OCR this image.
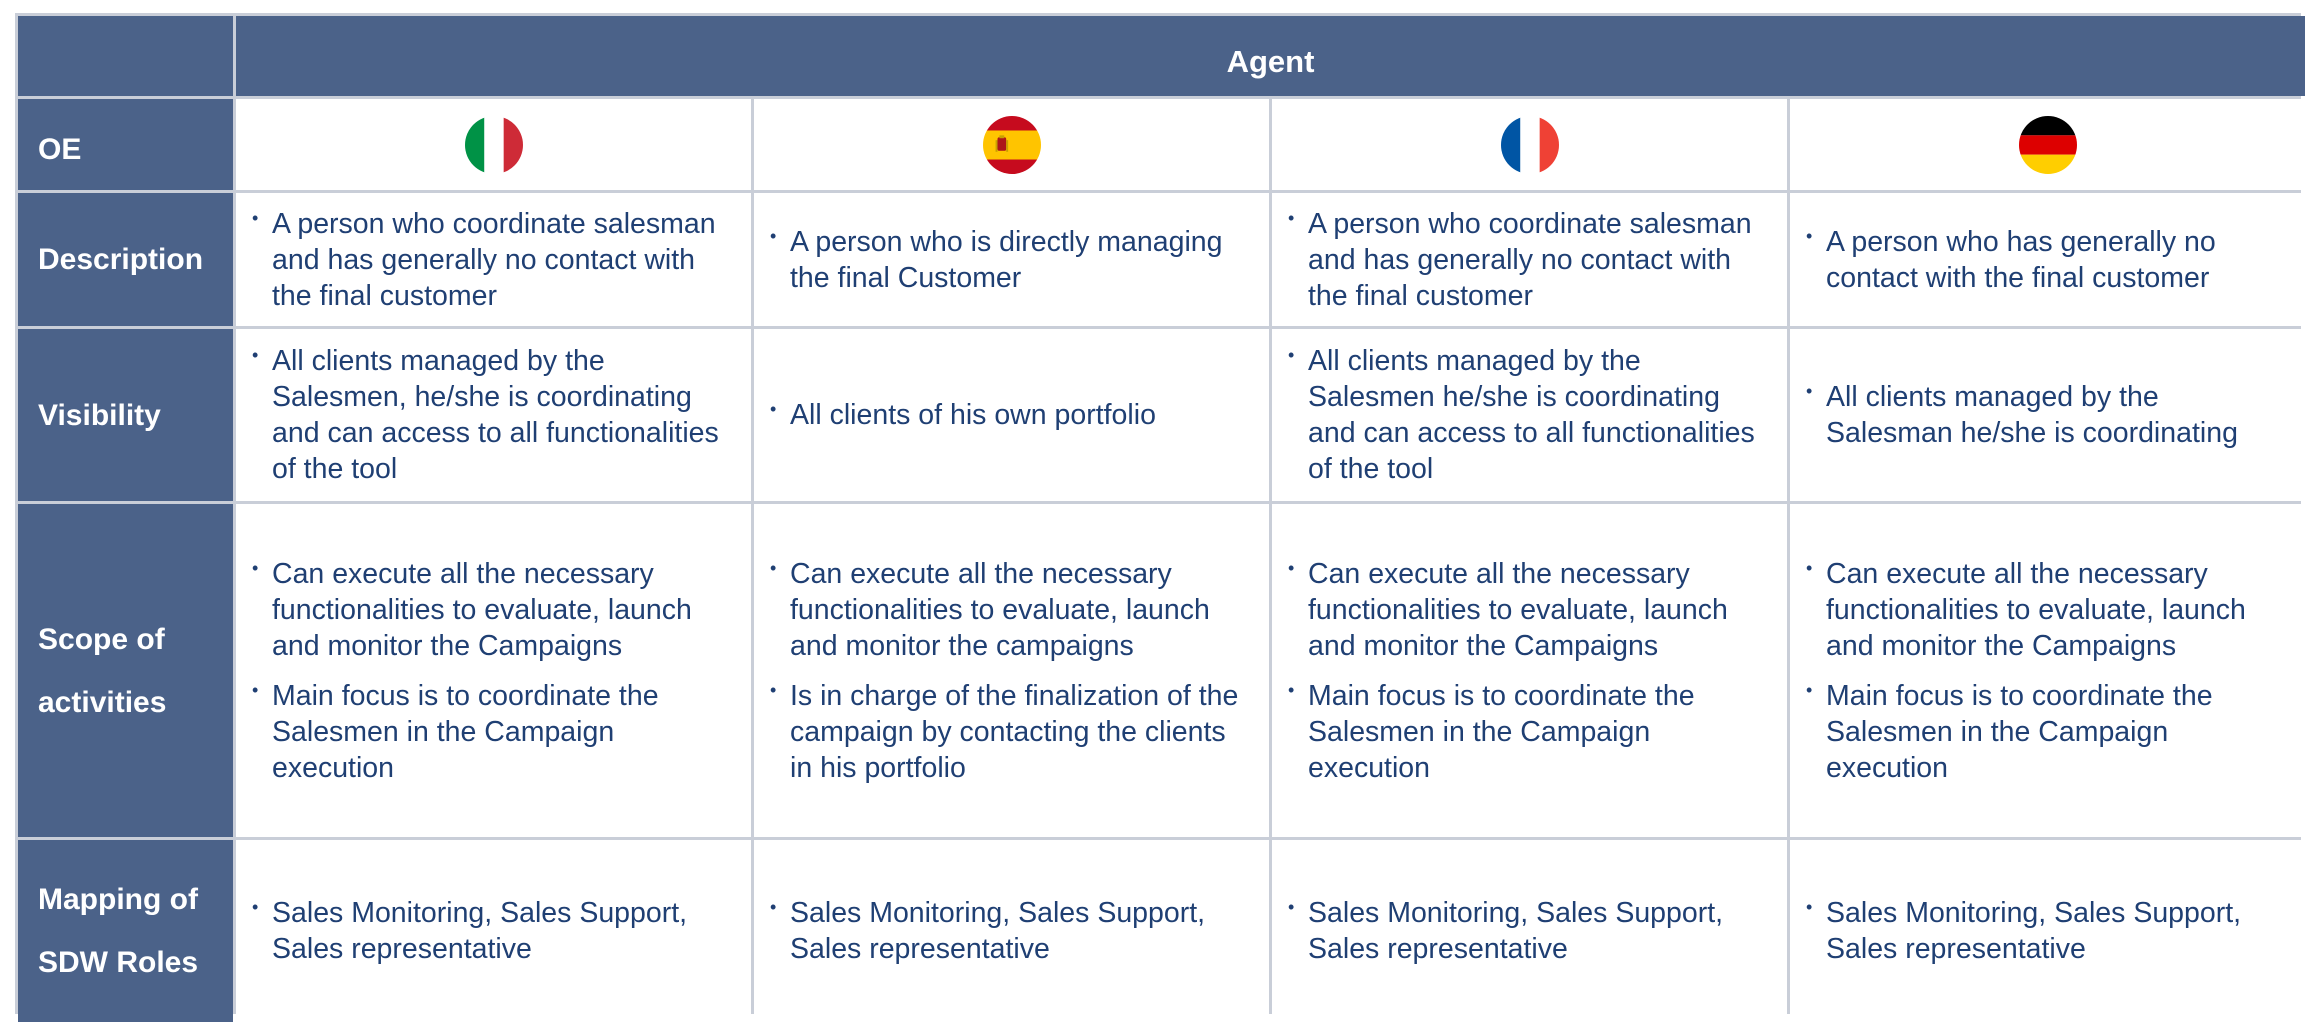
Agent
OE
Description
• A person who coordinate salesman and has generally no contact with the final customer
• A person who is directly managing the final Customer
• A person who coordinate salesman and has generally no contact with the final customer
• A person who has generally no contact with the final customer
Visibility
• All clients managed by the Salesmen, he/she is coordinating and can access to all functionalities of the tool
• All clients of his own portfolio
• All clients managed by the Salesmen he/she is coordinating and can access to all functionalities of the tool
• All clients managed by the Salesman he/she is coordinating
Scope of
activities
• Can execute all the necessary functionalities to evaluate, launch and monitor the Campaigns
• Main focus is to coordinate the Salesmen in the Campaign execution
• Can execute all the necessary functionalities to evaluate, launch and monitor the campaigns
• Is in charge of the finalization of the campaign by contacting the clients in his portfolio
• Can execute all the necessary functionalities to evaluate, launch and monitor the Campaigns
• Main focus is to coordinate the Salesmen in the Campaign execution
• Can execute all the necessary functionalities to evaluate, launch and monitor the Campaigns
• Main focus is to coordinate the Salesmen in the Campaign execution
Mapping of
SDW Roles
• Sales Monitoring, Sales Support, Sales representative
• Sales Monitoring, Sales Support, Sales representative
• Sales Monitoring, Sales Support, Sales representative
• Sales Monitoring, Sales Support, Sales representative
